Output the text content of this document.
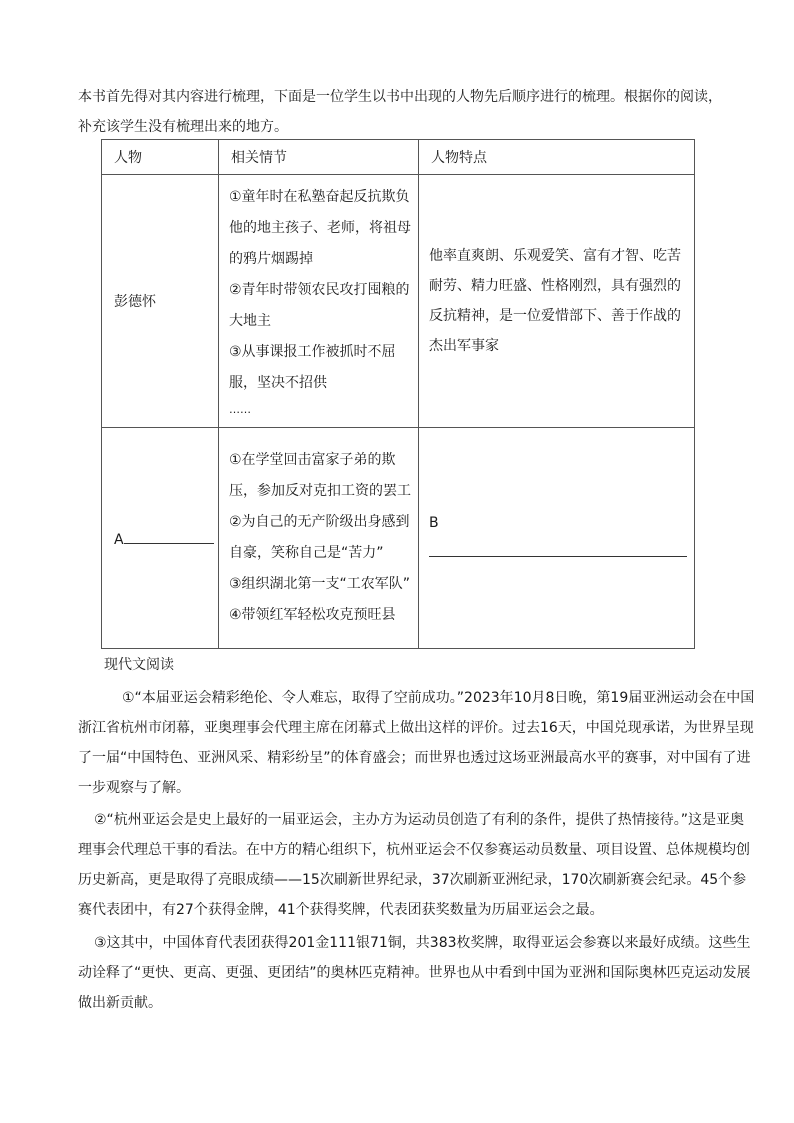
本书首先得对其内容进行梳理，下面是一位学生以书中出现的人物先后顺序进行的梳理。根据你的阅读，补充该学生没有梳理出来的地方。
人物	相关情节	人物特点

彭德怀	①童年时在私塾奋起反抗欺负他的地主孩子、老师，将祖母的鸦片烟踢掉

②青年时带领农民攻打囤粮的大地主

③从事课报工作被抓时不屈服，坚决不招供

……	他率直爽朗、乐观爱笑、富有才智、吃苦耐劳、精力旺盛、性格刚烈，具有强烈的反抗精神，是一位爱惜部下、善于作战的杰出军事家
A	①在学堂回击富家子弟的欺压，参加反对克扣工资的罢工

②为自己的无产阶级出身感到自豪，笑称自己是“苦力”

③组织湖北第一支“工农军队”

④带领红军轻松攻克预旺县	B
现代文阅读

①“本届亚运会精彩绝伦、令人难忘，取得了空前成功。”2023年10月8日晚，第19届亚洲运动会在中国浙江省杭州市闭幕，亚奥理事会代理主席在闭幕式上做出这样的评价。过去16天，中国兑现承诺，为世界呈现了一届“中国特色、亚洲风采、精彩纷呈”的体育盛会；而世界也透过这场亚洲最高水平的赛事，对中国有了进一步观察与了解。

②“杭州亚运会是史上最好的一届亚运会，主办方为运动员创造了有利的条件，提供了热情接待。”这是亚奥理事会代理总干事的看法。在中方的精心组织下，杭州亚运会不仅参赛运动员数量、项目设置、总体规模均创历史新高，更是取得了亮眼成绩——15次刷新世界纪录，37次刷新亚洲纪录，170次刷新赛会纪录。45个参赛代表团中，有27个获得金牌，41个获得奖牌，代表团获奖数量为历届亚运会之最。

③这其中，中国体育代表团获得201金111银71铜，共383枚奖牌，取得亚运会参赛以来最好成绩。这些生动诠释了“更快、更高、更强、更团结”的奥林匹克精神。世界也从中看到中国为亚洲和国际奥林匹克运动发展做出新贡献。
